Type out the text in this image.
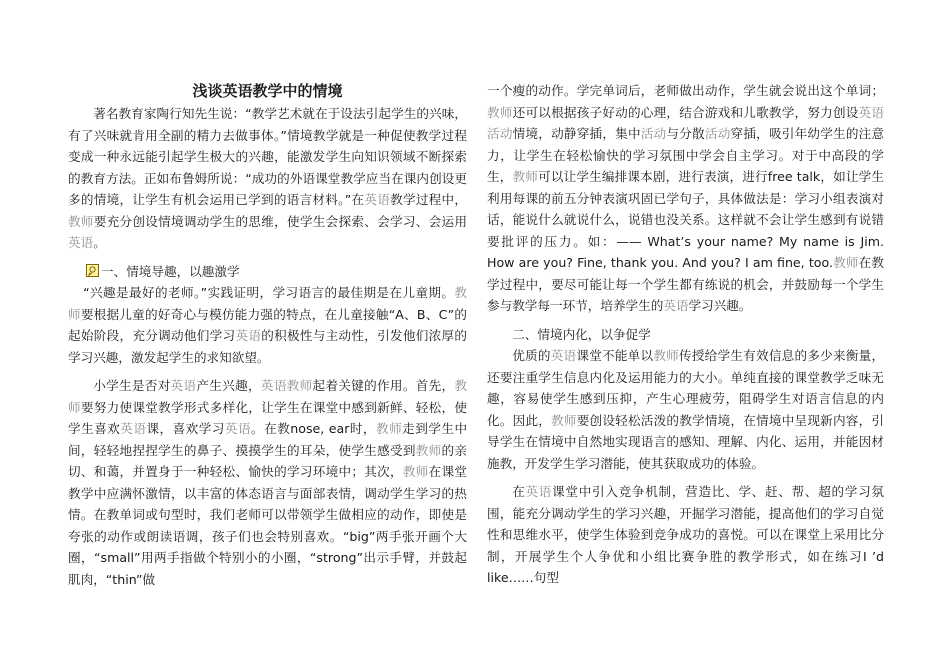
浅谈英语教学中的情境

著名教育家陶行知先生说：“教学艺术就在于设法引起学生的兴味，有了兴味就肯用全副的精力去做事体。”情境教学就是一种促使教学过程变成一种永远能引起学生极大的兴趣，能激发学生向知识领域不断探索的教育方法。正如布鲁姆所说：“成功的外语课堂教学应当在课内创设更多的情境，让学生有机会运用已学到的语言材料。”在英语教学过程中，教师要充分创设情境调动学生的思维，使学生会探索、会学习、会运用英语。

一、情境导趣，以趣激学

“兴趣是最好的老师。”实践证明，学习语言的最佳期是在儿童期。教师要根据儿童的好奇心与模仿能力强的特点，在儿童接触“A、B、C”的起始阶段，充分调动他们学习英语的积极性与主动性，引发他们浓厚的学习兴趣，激发起学生的求知欲望。

小学生是否对英语产生兴趣，英语教师起着关键的作用。首先，教师要努力使课堂教学形式多样化，让学生在课堂中感到新鲜、轻松，使学生喜欢英语课，喜欢学习英语。在教nose, ear时，教师走到学生中间，轻轻地捏捏学生的鼻子、摸摸学生的耳朵，使学生感受到教师的亲切、和蔼，并置身于一种轻松、愉快的学习环境中；其次，教师在课堂教学中应满怀激情，以丰富的体态语言与面部表情，调动学生学习的热情。在教单词或句型时，我们老师可以带领学生做相应的动作，即使是夸张的动作或朗读语调，孩子们也会特别喜欢。“big”两手张开画个大圈，“small”用两手指做个特别小的小圈，“strong”出示手臂，并鼓起肌肉，“thin”做

一个瘦的动作。学完单词后，老师做出动作，学生就会说出这个单词；教师还可以根据孩子好动的心理，结合游戏和儿歌教学，努力创设英语活动情境，动静穿插，集中活动与分散活动穿插，吸引年幼学生的注意力，让学生在轻松愉快的学习氛围中学会自主学习。对于中高段的学生，教师可以让学生编排课本剧，进行表演，进行free talk，如让学生利用每课的前五分钟表演巩固已学句子，具体做法是：学习小组表演对话，能说什么就说什么，说错也没关系。这样就不会让学生感到有说错要批评的压力。如：—— What’s your name? My name is Jim. How are you? Fine, thank you. And you? I am fine, too.教师在教学过程中，要尽可能让每一个学生都有练说的机会，并鼓励每一个学生参与教学每一环节，培养学生的英语学习兴趣。

二、情境内化，以争促学

优质的英语课堂不能单以教师传授给学生有效信息的多少来衡量，还要注重学生信息内化及运用能力的大小。单纯直接的课堂教学乏味无趣，容易使学生感到压抑，产生心理疲劳，阻碍学生对语言信息的内化。因此，教师要创设轻松活泼的教学情境，在情境中呈现新内容，引导学生在情境中自然地实现语言的感知、理解、内化、运用，并能因材施教，开发学生学习潜能，使其获取成功的体验。

在英语课堂中引入竞争机制，营造比、学、赶、帮、超的学习氛围，能充分调动学生的学习兴趣，开掘学习潜能，提高他们的学习自觉性和思维水平，使学生体验到竞争成功的喜悦。可以在课堂上采用比分制，开展学生个人争优和小组比赛争胜的教学形式，如在练习I ’d like……句型
